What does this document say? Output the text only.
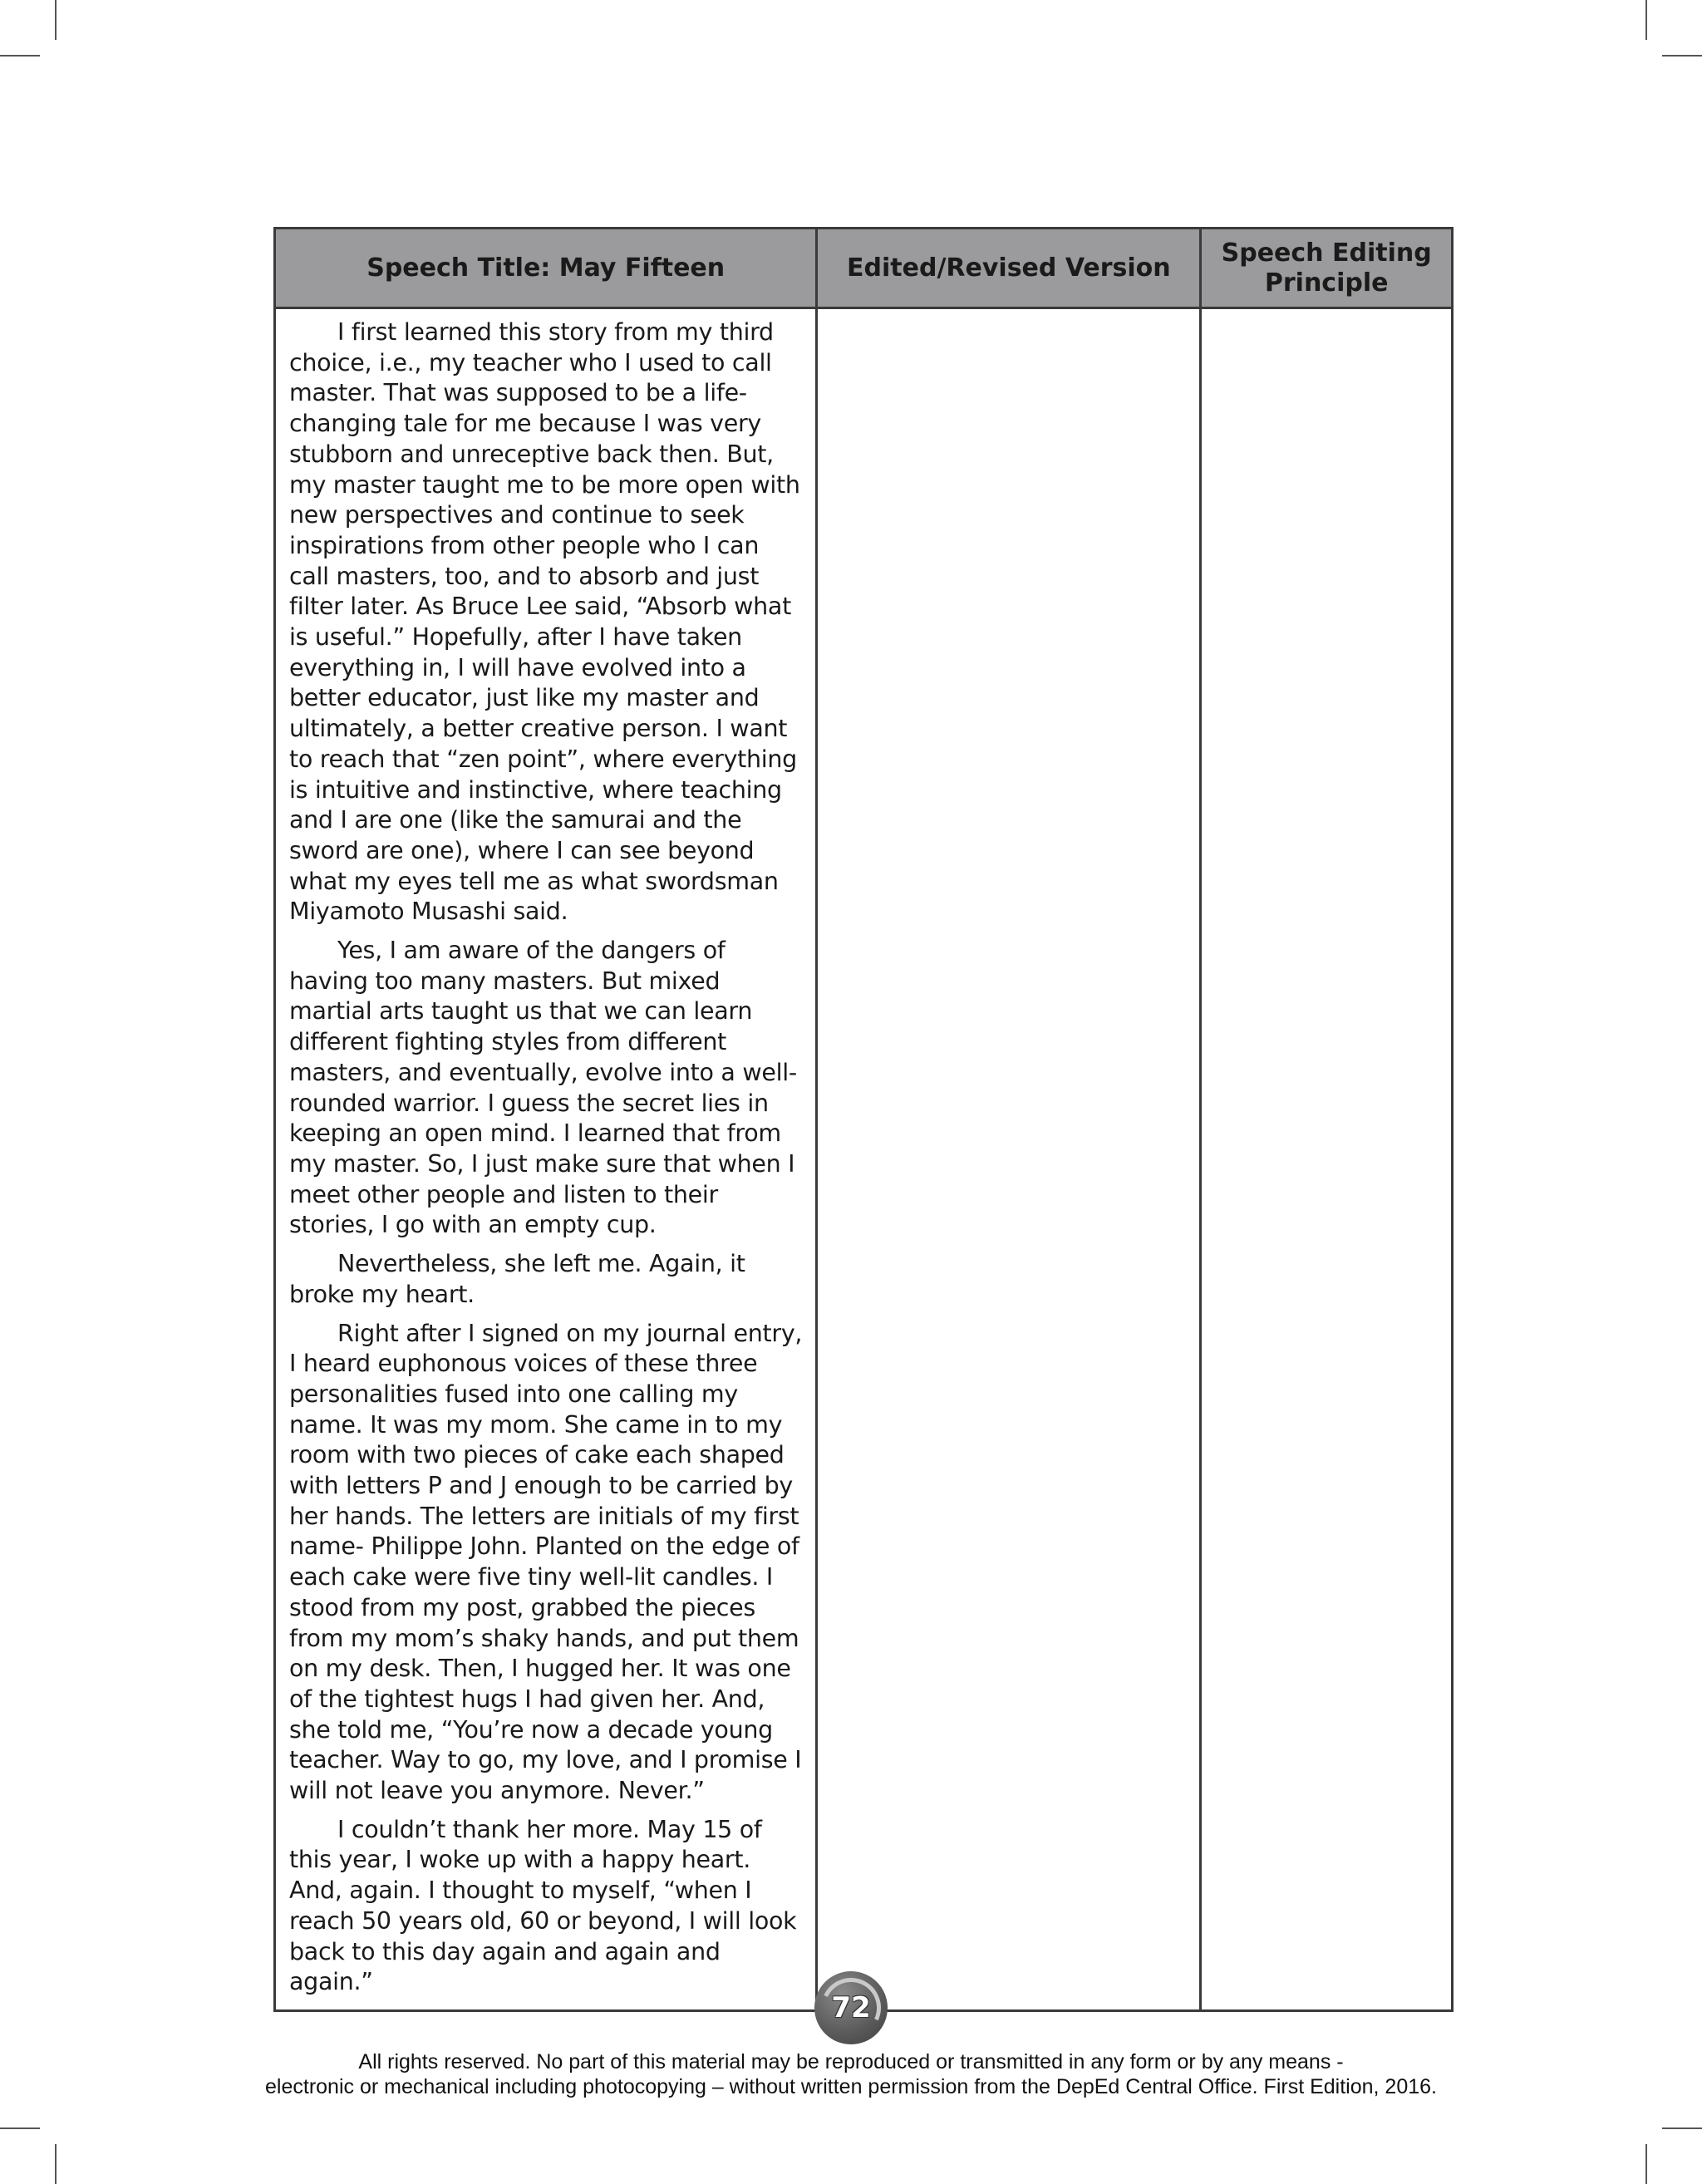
Speech Title: May Fifteen	Edited/Revised Version	Speech Editing Principle

I first learned this story from my third choice, i.e., my teacher who I used to call master. That was supposed to be a life-changing tale for me because I was very stubborn and unreceptive back then. But, my master taught me to be more open with new perspectives and continue to seek inspirations from other people who I can call masters, too, and to absorb and just filter later. As Bruce Lee said, “Absorb what is useful.” Hopefully, after I have taken everything in, I will have evolved into a better educator, just like my master and ultimately, a better creative person. I want to reach that “zen point”, where everything is intuitive and instinctive, where teaching and I are one (like the samurai and the sword are one), where I can see beyond what my eyes tell me as what swordsman Miyamoto Musashi said.

Yes, I am aware of the dangers of having too many masters. But mixed martial arts taught us that we can learn different fighting styles from different masters, and eventually, evolve into a well-rounded warrior. I guess the secret lies in keeping an open mind. I learned that from my master. So, I just make sure that when I meet other people and listen to their stories, I go with an empty cup.

Nevertheless, she left me. Again, it broke my heart.

Right after I signed on my journal entry, I heard euphonous voices of these three personalities fused into one calling my name. It was my mom. She came in to my room with two pieces of cake each shaped with letters P and J enough to be carried by her hands. The letters are initials of my first name- Philippe John. Planted on the edge of each cake were five tiny well-lit candles. I stood from my post, grabbed the pieces from my mom’s shaky hands, and put them on my desk. Then, I hugged her. It was one of the tightest hugs I had given her. And, she told me, “You’re now a decade young teacher. Way to go, my love, and I promise I will not leave you anymore. Never.”

I couldn’t thank her more. May 15 of this year, I woke up with a happy heart. And, again. I thought to myself, “when I reach 50 years old, 60 or beyond, I will look back to this day again and again and again.”		

72

All rights reserved. No part of this material may be reproduced or transmitted in any form or by any means -

electronic or mechanical including photocopying – without written permission from the DepEd Central Office. First Edition, 2016.
